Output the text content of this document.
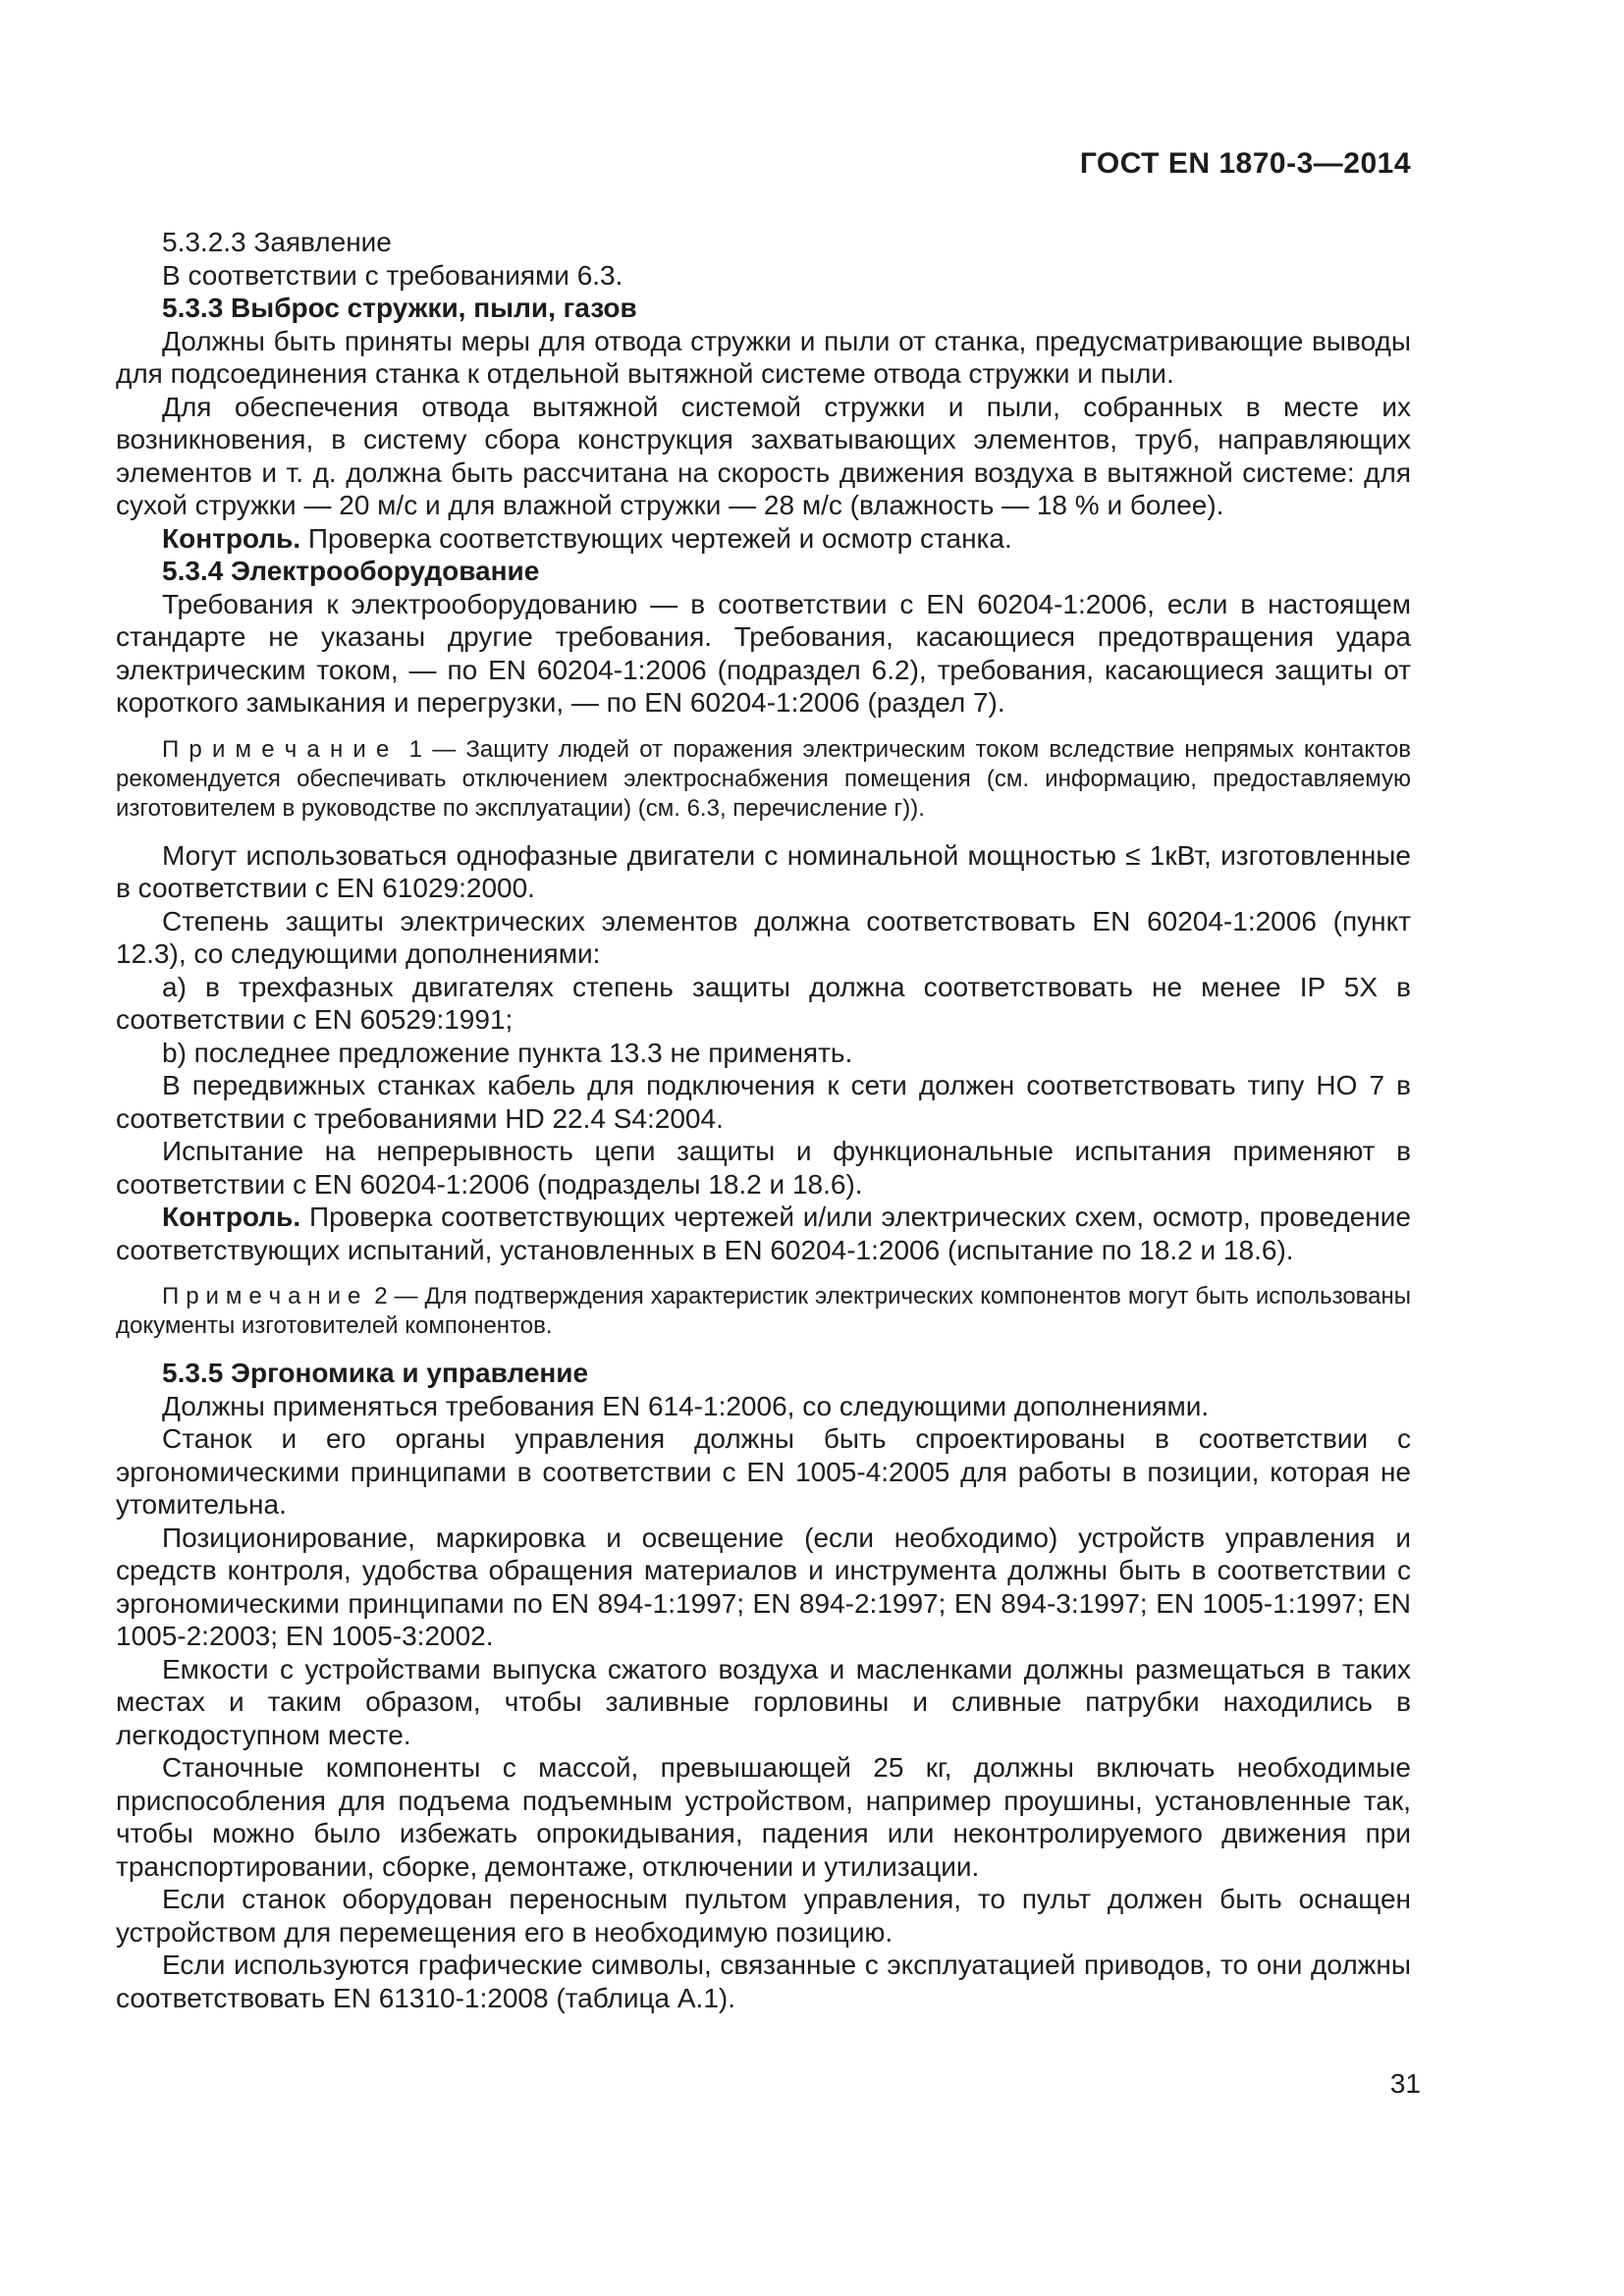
ГОСТ EN 1870-3—2014

5.3.2.3 Заявление

В соответствии с требованиями 6.3.

5.3.3 Выброс стружки, пыли, газов

Должны быть приняты меры для отвода стружки и пыли от станка, предусматривающие выводы для подсоединения станка к отдельной вытяжной системе отвода стружки и пыли.

Для обеспечения отвода вытяжной системой стружки и пыли, собранных в месте их возникновения, в систему сбора конструкция захватывающих элементов, труб, направляющих элементов и т. д. должна быть рассчитана на скорость движения воздуха в вытяжной системе: для сухой стружки — 20 м/с и для влажной стружки — 28 м/с (влажность — 18 % и более).

Контроль. Проверка соответствующих чертежей и осмотр станка.

5.3.4 Электрооборудование

Требования к электрооборудованию — в соответствии с EN 60204-1:2006, если в настоящем стандарте не указаны другие требования. Требования, касающиеся предотвращения удара электрическим током, — по EN 60204-1:2006 (подраздел 6.2), требования, касающиеся защиты от короткого замыкания и перегрузки, — по EN 60204-1:2006 (раздел 7).

П р и м е ч а н и е  1 — Защиту людей от поражения электрическим током вследствие непрямых контактов рекомендуется обеспечивать отключением электроснабжения помещения (см. информацию, предоставляемую изготовителем в руководстве по эксплуатации) (см. 6.3, перечисление г)).

Могут использоваться однофазные двигатели с номинальной мощностью ≤ 1кВт, изготовленные в соответствии с EN 61029:2000.

Степень защиты электрических элементов должна соответствовать EN 60204-1:2006 (пункт 12.3), со следующими дополнениями:

a) в трехфазных двигателях степень защиты должна соответствовать не менее IP 5X в соответствии с EN 60529:1991;

b) последнее предложение пункта 13.3 не применять.

В передвижных станках кабель для подключения к сети должен соответствовать типу НО 7 в соответствии с требованиями HD 22.4 S4:2004.

Испытание на непрерывность цепи защиты и функциональные испытания применяют в соответствии с EN 60204-1:2006 (подразделы 18.2 и 18.6).

Контроль. Проверка соответствующих чертежей и/или электрических схем, осмотр, проведение соответствующих испытаний, установленных в EN 60204-1:2006 (испытание по 18.2 и 18.6).

П р и м е ч а н и е  2 — Для подтверждения характеристик электрических компонентов могут быть использованы документы изготовителей компонентов.

5.3.5 Эргономика и управление

Должны применяться требования EN 614-1:2006, со следующими дополнениями.

Станок и его органы управления должны быть спроектированы в соответствии с эргономическими принципами в соответствии с EN 1005-4:2005 для работы в позиции, которая не утомительна.

Позиционирование, маркировка и освещение (если необходимо) устройств управления и средств контроля, удобства обращения материалов и инструмента должны быть в соответствии с эргономическими принципами по EN 894-1:1997; EN 894-2:1997; EN 894-3:1997; EN 1005-1:1997; EN 1005-2:2003; EN 1005-3:2002.

Емкости с устройствами выпуска сжатого воздуха и масленками должны размещаться в таких местах и таким образом, чтобы заливные горловины и сливные патрубки находились в легкодоступном месте.

Станочные компоненты с массой, превышающей 25 кг, должны включать необходимые приспособления для подъема подъемным устройством, например проушины, установленные так, чтобы можно было избежать опрокидывания, падения или неконтролируемого движения при транспортировании, сборке, демонтаже, отключении и утилизации.

Если станок оборудован переносным пультом управления, то пульт должен быть оснащен устройством для перемещения его в необходимую позицию.

Если используются графические символы, связанные с эксплуатацией приводов, то они должны соответствовать EN 61310-1:2008 (таблица А.1).

31
